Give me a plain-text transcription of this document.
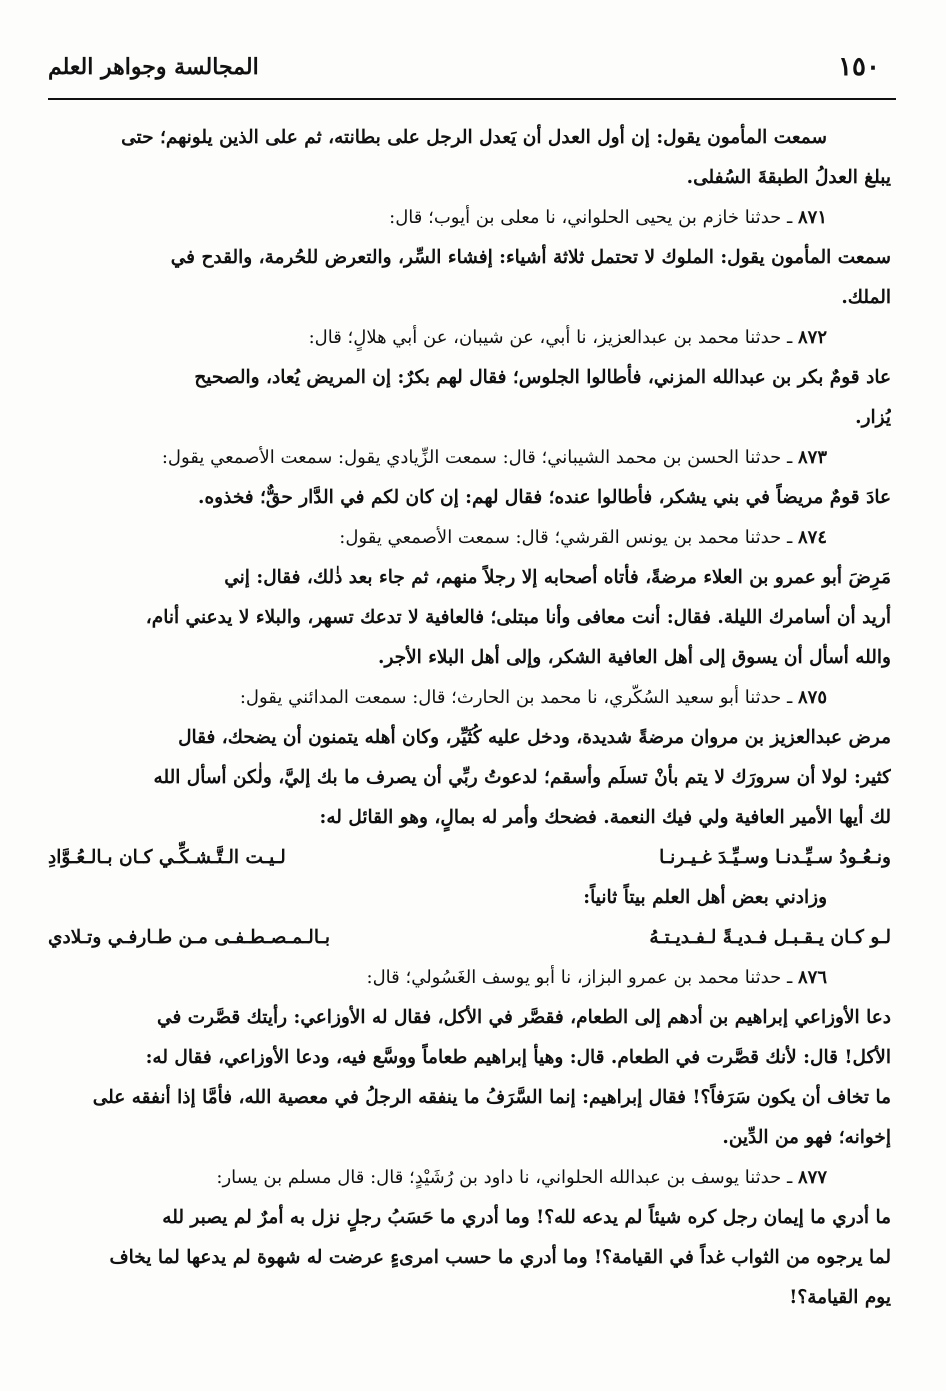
١٥٠
المجالسة وجواهر العلم
سمعت المأمون يقول: إن أول العدل أن يَعدل الرجل على بطانته، ثم على الذين يلونهم؛ حتى
يبلغ العدلُ الطبقةَ السُفلى.
٨٧١ ـ حدثنا خازم بن يحيى الحلواني، نا معلى بن أيوب؛ قال:
سمعت المأمون يقول: الملوك لا تحتمل ثلاثة أشياء: إفشاء السِّر، والتعرض للحُرمة، والقدح في
الملك.
٨٧٢ ـ حدثنا محمد بن عبدالعزيز، نا أبي، عن شيبان، عن أبي هلالٍ؛ قال:
عاد قومٌ بكر بن عبدالله المزني، فأطالوا الجلوس؛ فقال لهم بكرٌ: إن المريض يُعاد، والصحيح
يُزار.
٨٧٣ ـ حدثنا الحسن بن محمد الشيباني؛ قال: سمعت الزِّيادي يقول: سمعت الأصمعي يقول:
عادَ قومٌ مريضاً في بني يشكر، فأطالوا عنده؛ فقال لهم: إن كان لكم في الدَّار حقٌّ؛ فخذوه.
٨٧٤ ـ حدثنا محمد بن يونس القرشي؛ قال: سمعت الأصمعي يقول:
مَرِضَ أبو عمرو بن العلاء مرضةً، فأتاه أصحابه إلا رجلاً منهم، ثم جاء بعد ذٰلك، فقال: إني
أريد أن أسامرك الليلة. فقال: أنت معافى وأنا مبتلى؛ فالعافية لا تدعك تسهر، والبلاء لا يدعني أنام،
والله أسأل أن يسوق إلى أهل العافية الشكر، وإلى أهل البلاء الأجر.
٨٧٥ ـ حدثنا أبو سعيد السُكّري، نا محمد بن الحارث؛ قال: سمعت المدائني يقول:
مرض عبدالعزيز بن مروان مرضةً شديدة، ودخل عليه كُثَيِّر، وكان أهله يتمنون أن يضحك، فقال
كثير: لولا أن سرورَك لا يتم بأنْ تسلَم وأسقم؛ لدعوتُ ربِّي أن يصرف ما بك إليَّ، ولٰكن أسأل الله
لك أيها الأمير العافية ولي فيك النعمة. فضحك وأمر له بمالٍ، وهو القائل له:
ونـعُـودُ سـيِّـدنـا وسـيِّـدَ غـيـرنـا
لـيـت الـتَّـشـكِّـي كـان بـالـعُـوَّادِ
وزادني بعض أهل العلم بيتاً ثانياً:
لـو كـان يـقـبـل فـديـةً لـفـديـتـهُ
بـالـمـصـطـفـى مـن طـارفـي وتـلادي
٨٧٦ ـ حدثنا محمد بن عمرو البزاز، نا أبو يوسف الغَسُولي؛ قال:
دعا الأوزاعي إبراهيم بن أدهم إلى الطعام، فقصَّر في الأكل، فقال له الأوزاعي: رأيتك قصَّرت في
الأكل! قال: لأنك قصَّرت في الطعام. قال: وهيأ إبراهيم طعاماً ووسَّع فيه، ودعا الأوزاعي، فقال له:
ما تخاف أن يكون سَرَفاً؟! فقال إبراهيم: إنما السَّرَفُ ما ينفقه الرجلُ في معصية الله، فأمَّا إذا أنفقه على
إخوانه؛ فهو من الدِّين.
٨٧٧ ـ حدثنا يوسف بن عبدالله الحلواني، نا داود بن رُشَيْدٍ؛ قال: قال مسلم بن يسار:
ما أدري ما إيمان رجل كره شيئاً لم يدعه لله؟! وما أدري ما حَسَبُ رجلٍ نزل به أمرٌ لم يصبر لله
لما يرجوه من الثواب غداً في القيامة؟! وما أدري ما حسب امرىءٍ عرضت له شهوة لم يدعها لما يخاف
يوم القيامة؟!
